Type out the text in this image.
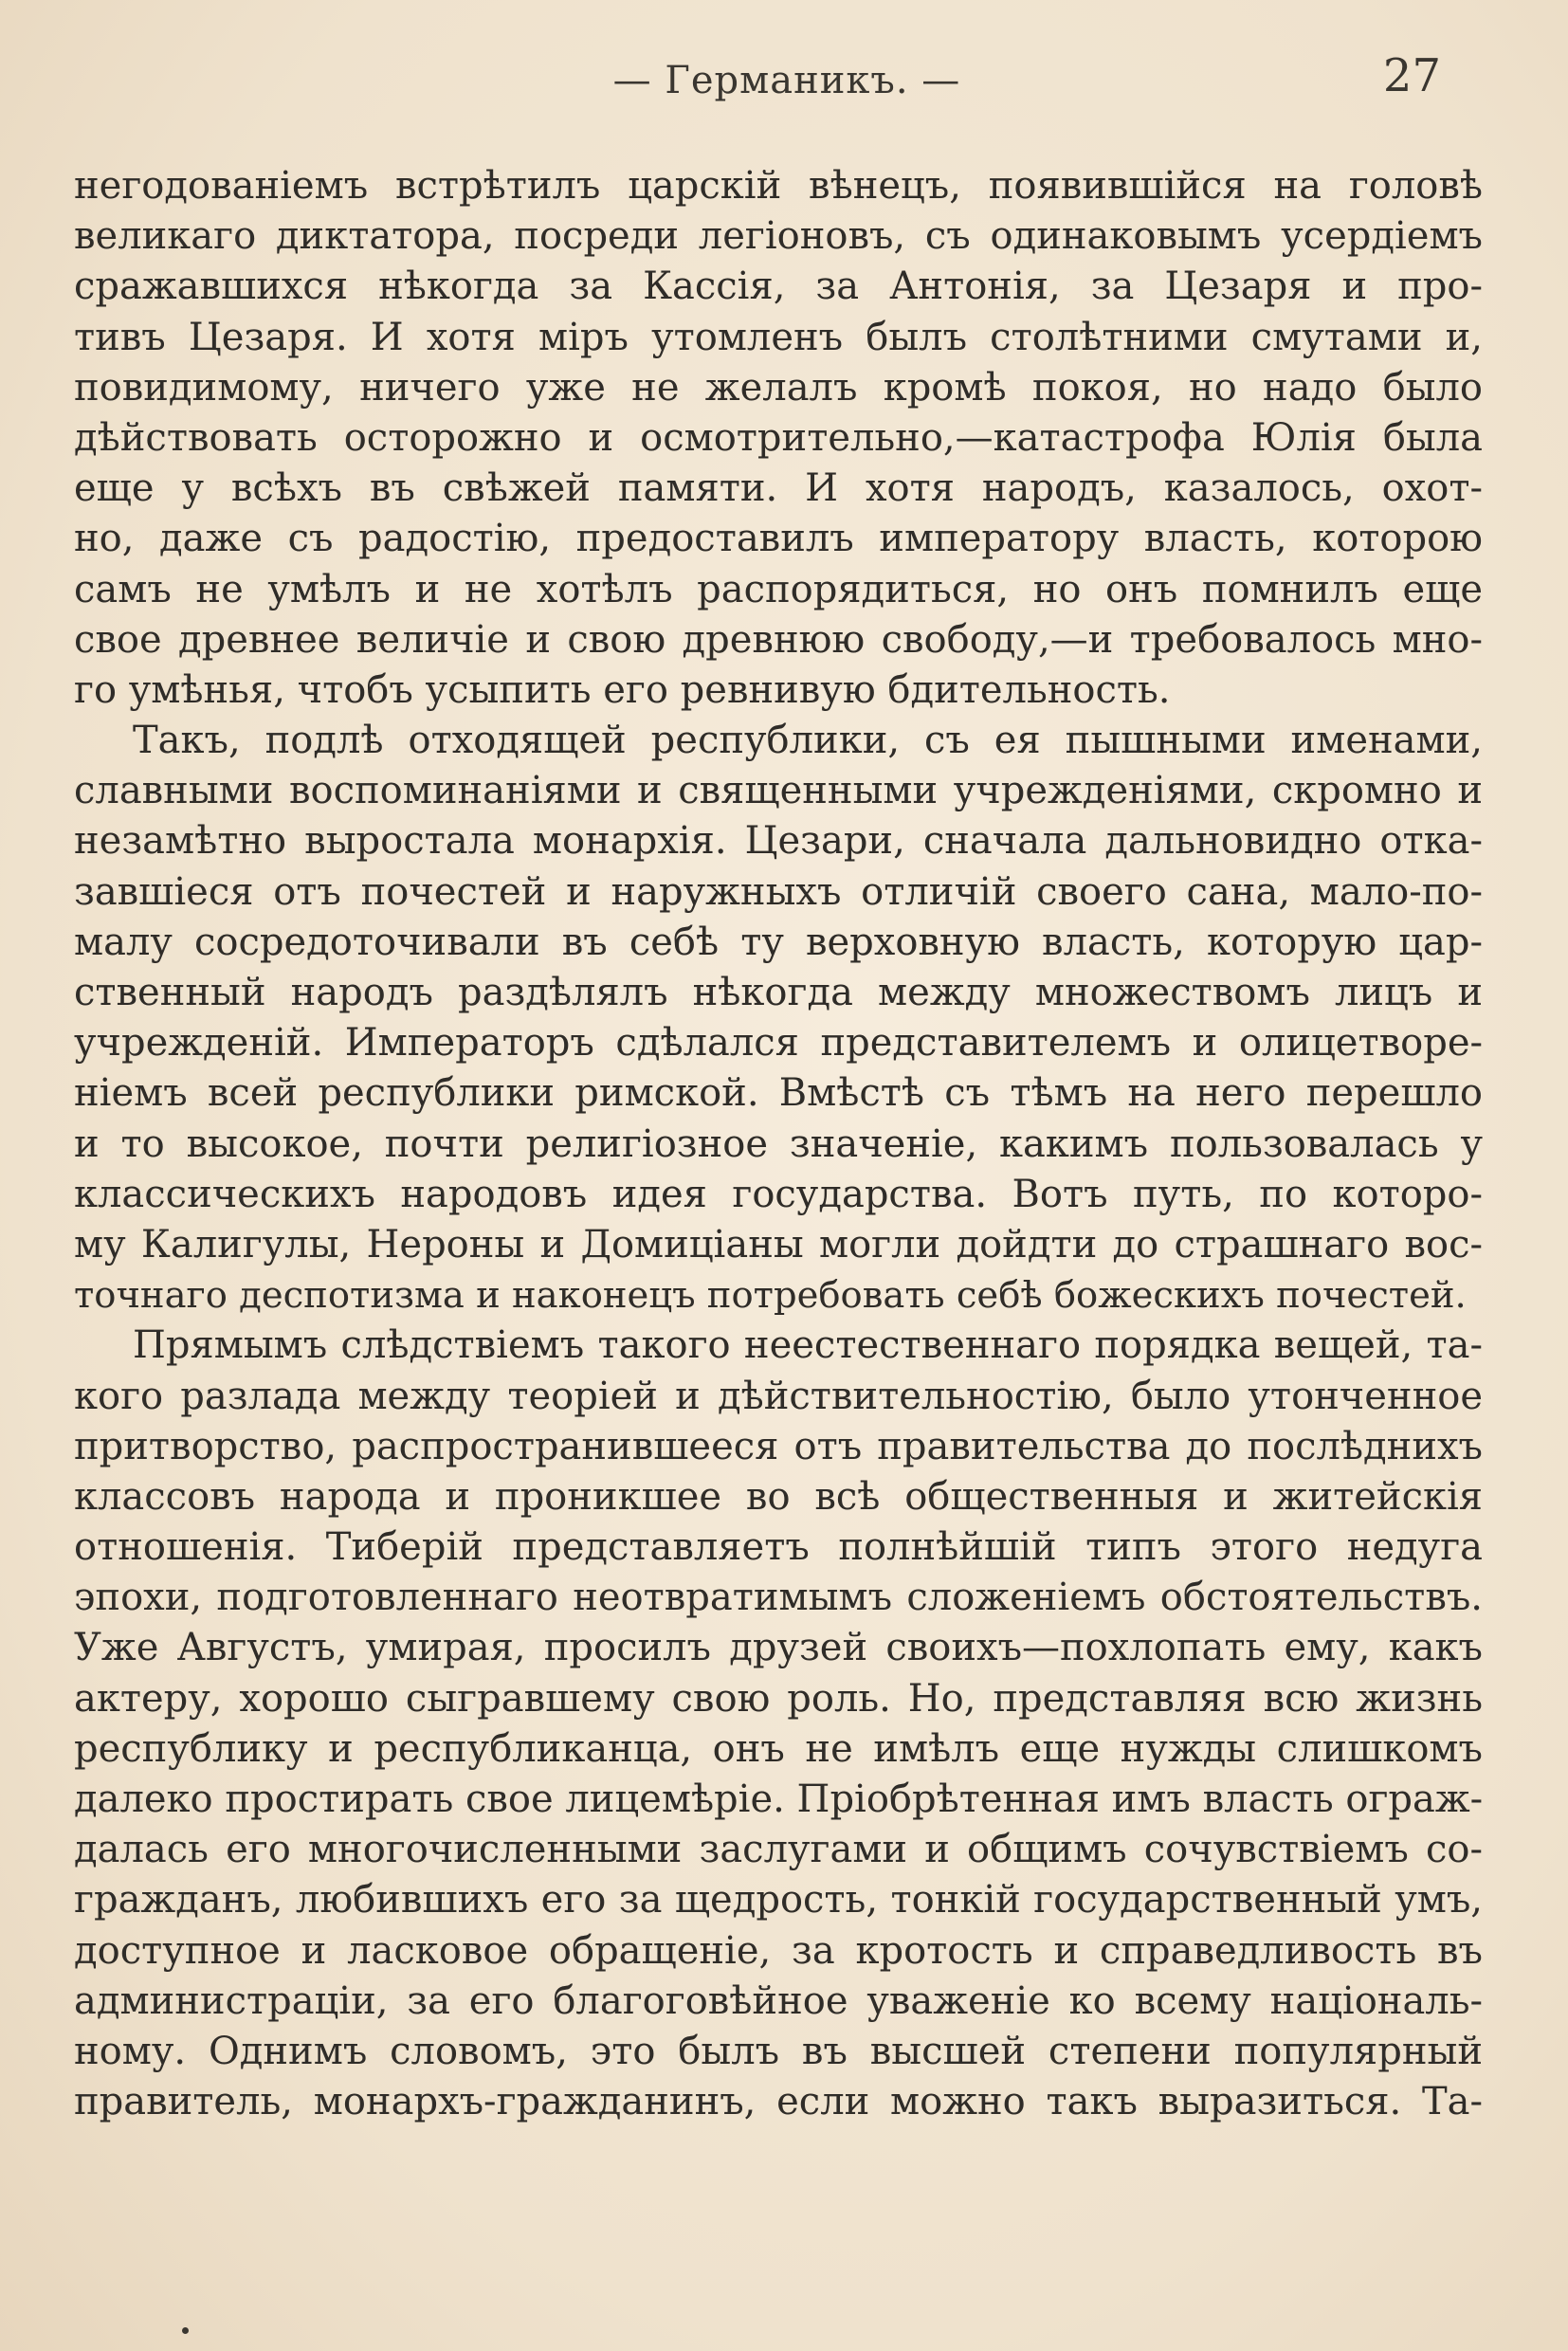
— Германикъ. —	27
негодованіемъ встрѣтилъ царскій вѣнецъ, появившійся на головѣ
великаго диктатора, посреди легіоновъ, съ одинаковымъ усердіемъ
сражавшихся нѣкогда за Кассія, за Антонія, за Цезаря и про-
тивъ Цезаря. И хотя міръ утомленъ былъ столѣтними смутами и,
повидимому, ничего уже не желалъ кромѣ покоя, но надо было
дѣйствовать осторожно и осмотрительно,—катастрофа Юлія была
еще у всѣхъ въ свѣжей памяти. И хотя народъ, казалось, охот-
но, даже съ радостію, предоставилъ императору власть, которою
самъ не умѣлъ и не хотѣлъ распорядиться, но онъ помнилъ еще
свое древнее величіе и свою древнюю свободу,—и требовалось мно-
го умѣнья, чтобъ усыпить его ревнивую бдительность.
Такъ, подлѣ отходящей республики, съ ея пышными именами,
славными воспоминаніями и священными учрежденіями, скромно и
незамѣтно выростала монархія. Цезари, сначала дальновидно отка-
завшіеся отъ почестей и наружныхъ отличій своего сана, мало-по-
малу сосредоточивали въ себѣ ту верховную власть, которую цар-
ственный народъ раздѣлялъ нѣкогда между множествомъ лицъ и
учрежденій. Императоръ сдѣлался представителемъ и олицетворе-
ніемъ всей республики римской. Вмѣстѣ съ тѣмъ на него перешло
и то высокое, почти религіозное значеніе, какимъ пользовалась у
классическихъ народовъ идея государства. Вотъ путь, по которо-
му Калигулы, Нероны и Домиціаны могли дойдти до страшнаго вос-
точнаго деспотизма и наконецъ потребовать себѣ божескихъ почестей.
Прямымъ слѣдствіемъ такого неестественнаго порядка вещей, та-
кого разлада между теоріей и дѣйствительностію, было утонченное
притворство, распространившееся отъ правительства до послѣднихъ
классовъ народа и проникшее во всѣ общественныя и житейскія
отношенія. Тиберій представляетъ полнѣйшій типъ этого недуга
эпохи, подготовленнаго неотвратимымъ сложеніемъ обстоятельствъ.
Уже Августъ, умирая, просилъ друзей своихъ—похлопать ему, какъ
актеру, хорошо сыгравшему свою роль. Но, представляя всю жизнь
республику и республиканца, онъ не имѣлъ еще нужды слишкомъ
далеко простирать свое лицемѣріе. Пріобрѣтенная имъ власть ограж-
далась его многочисленными заслугами и общимъ сочувствіемъ со-
гражданъ, любившихъ его за щедрость, тонкій государственный умъ,
доступное и ласковое обращеніе, за кротость и справедливость въ
администраціи, за его благоговѣйное уваженіе ко всему національ-
ному. Однимъ словомъ, это былъ въ высшей степени популярный
правитель, монархъ-гражданинъ, если можно такъ выразиться. Та-
